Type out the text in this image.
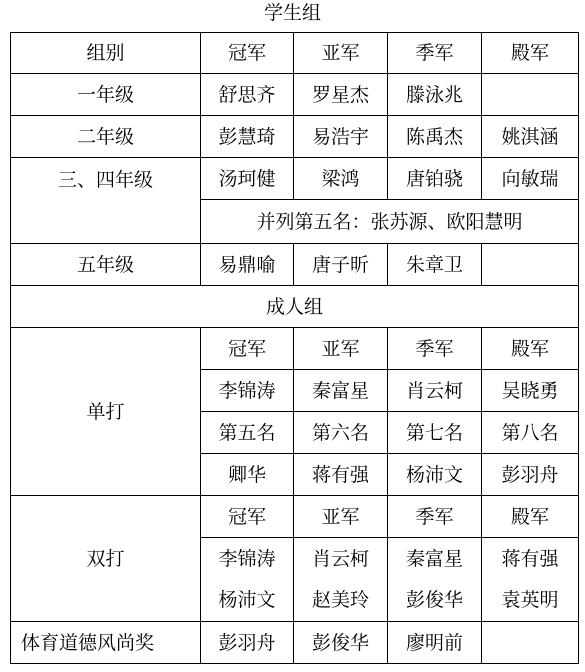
学生组
组别	冠军	亚军	季军	殿军
一年级	舒思齐	罗星杰	滕泳兆	
二年级	彭慧琦	易浩宇	陈禹杰	姚淇涵
三、四年级	汤珂健	梁鸿	唐铂骁	向敏瑞
	并列第五名：张苏源、欧阳慧明			
五年级	易鼎喻	唐子昕	朱章卫	
成人组				
单打	冠军	亚军	季军	殿军
	李锦涛	秦富星	肖云柯	吴晓勇
	第五名	第六名	第七名	第八名
	卿华	蒋有强	杨沛文	彭羽舟
双打	冠军	亚军	季军	殿军
	李锦涛	肖云柯	秦富星	蒋有强
	杨沛文	赵美玲	彭俊华	袁英明
体育道德风尚奖	彭羽舟	彭俊华	廖明前	
